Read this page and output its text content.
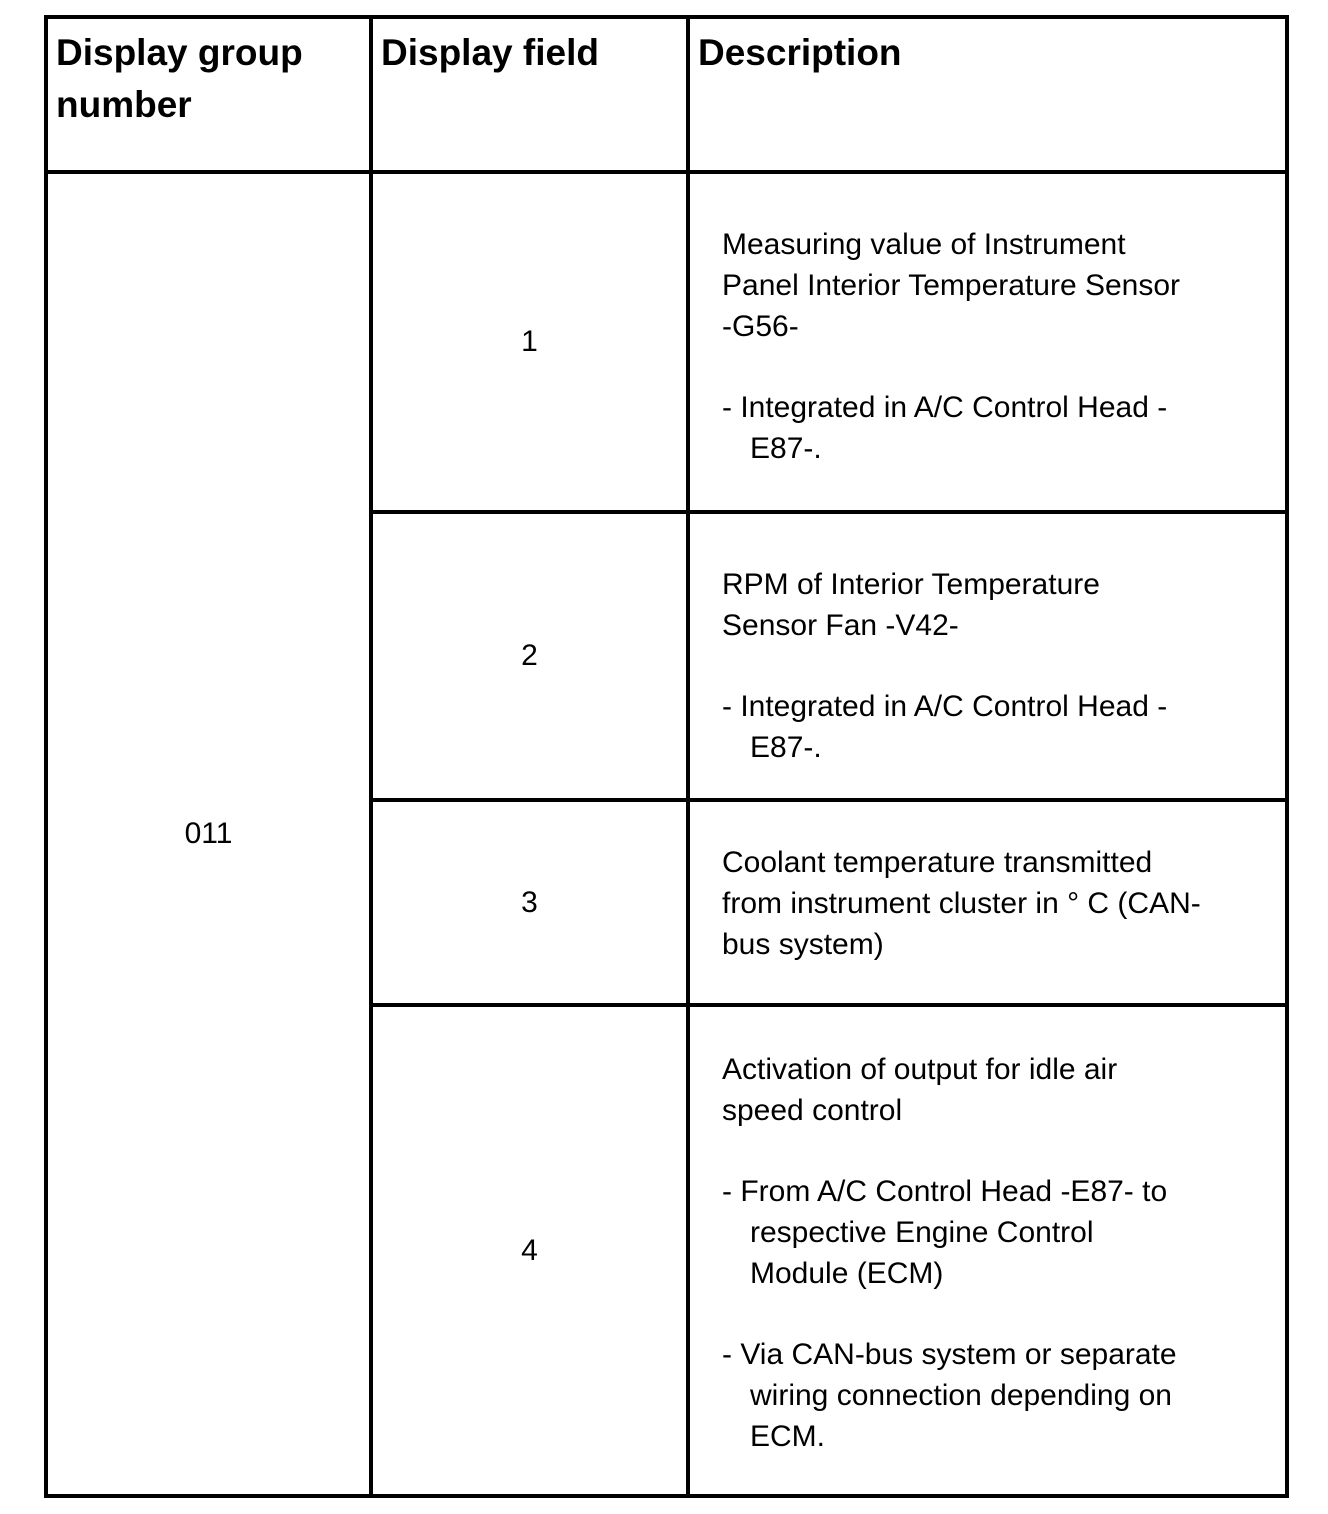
Display group
number	Display field	Description
011	1	Measuring value of Instrument Panel Interior Temperature Sensor -G56-

- Integrated in A/C Control Head -E87-.

	2	RPM of Interior Temperature Sensor Fan -V42-

- Integrated in A/C Control Head -E87-.

	3	Coolant temperature transmitted from instrument cluster in ° C (CAN-bus system)

	4	Activation of output for idle air speed control

- From A/C Control Head -E87- to respective Engine Control Module (ECM)

- Via CAN-bus system or separate wiring connection depending on ECM.
